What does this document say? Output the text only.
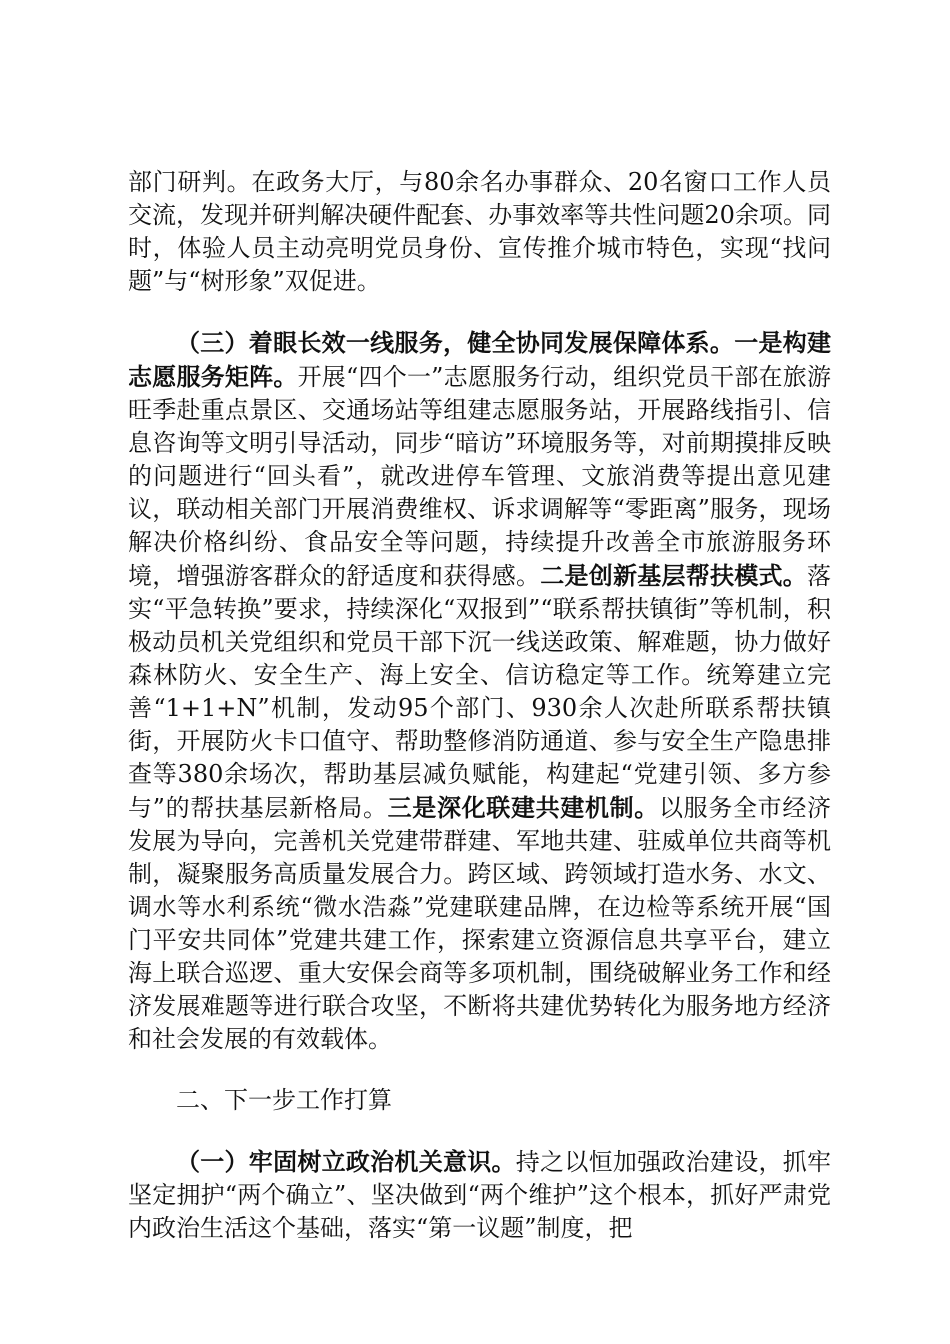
部门研判。在政务大厅，与80余名办事群众、20名窗口工作人员交流，发现并研判解决硬件配套、办事效率等共性问题20余项。同时，体验人员主动亮明党员身份、宣传推介城市特色，实现“找问题”与“树形象”双促进。

（三）着眼长效一线服务，健全协同发展保障体系。一是构建志愿服务矩阵。开展“四个一”志愿服务行动，组织党员干部在旅游旺季赴重点景区、交通场站等组建志愿服务站，开展路线指引、信息咨询等文明引导活动，同步“暗访”环境服务等，对前期摸排反映的问题进行“回头看”，就改进停车管理、文旅消费等提出意见建议，联动相关部门开展消费维权、诉求调解等“零距离”服务，现场解决价格纠纷、食品安全等问题，持续提升改善全市旅游服务环境，增强游客群众的舒适度和获得感。二是创新基层帮扶模式。落实“平急转换”要求，持续深化“双报到”“联系帮扶镇街”等机制，积极动员机关党组织和党员干部下沉一线送政策、解难题，协力做好森林防火、安全生产、海上安全、信访稳定等工作。统筹建立完善“1+1+N”机制，发动95个部门、930余人次赴所联系帮扶镇街，开展防火卡口值守、帮助整修消防通道、参与安全生产隐患排查等380余场次，帮助基层减负赋能，构建起“党建引领、多方参与”的帮扶基层新格局。三是深化联建共建机制。以服务全市经济发展为导向，完善机关党建带群建、军地共建、驻威单位共商等机制，凝聚服务高质量发展合力。跨区域、跨领域打造水务、水文、调水等水利系统“微水浩淼”党建联建品牌，在边检等系统开展“国门平安共同体”党建共建工作，探索建立资源信息共享平台，建立海上联合巡逻、重大安保会商等多项机制，围绕破解业务工作和经济发展难题等进行联合攻坚，不断将共建优势转化为服务地方经济和社会发展的有效载体。

二、下一步工作打算

（一）牢固树立政治机关意识。持之以恒加强政治建设，抓牢坚定拥护“两个确立”、坚决做到“两个维护”这个根本，抓好严肃党内政治生活这个基础，落实“第一议题”制度，把
